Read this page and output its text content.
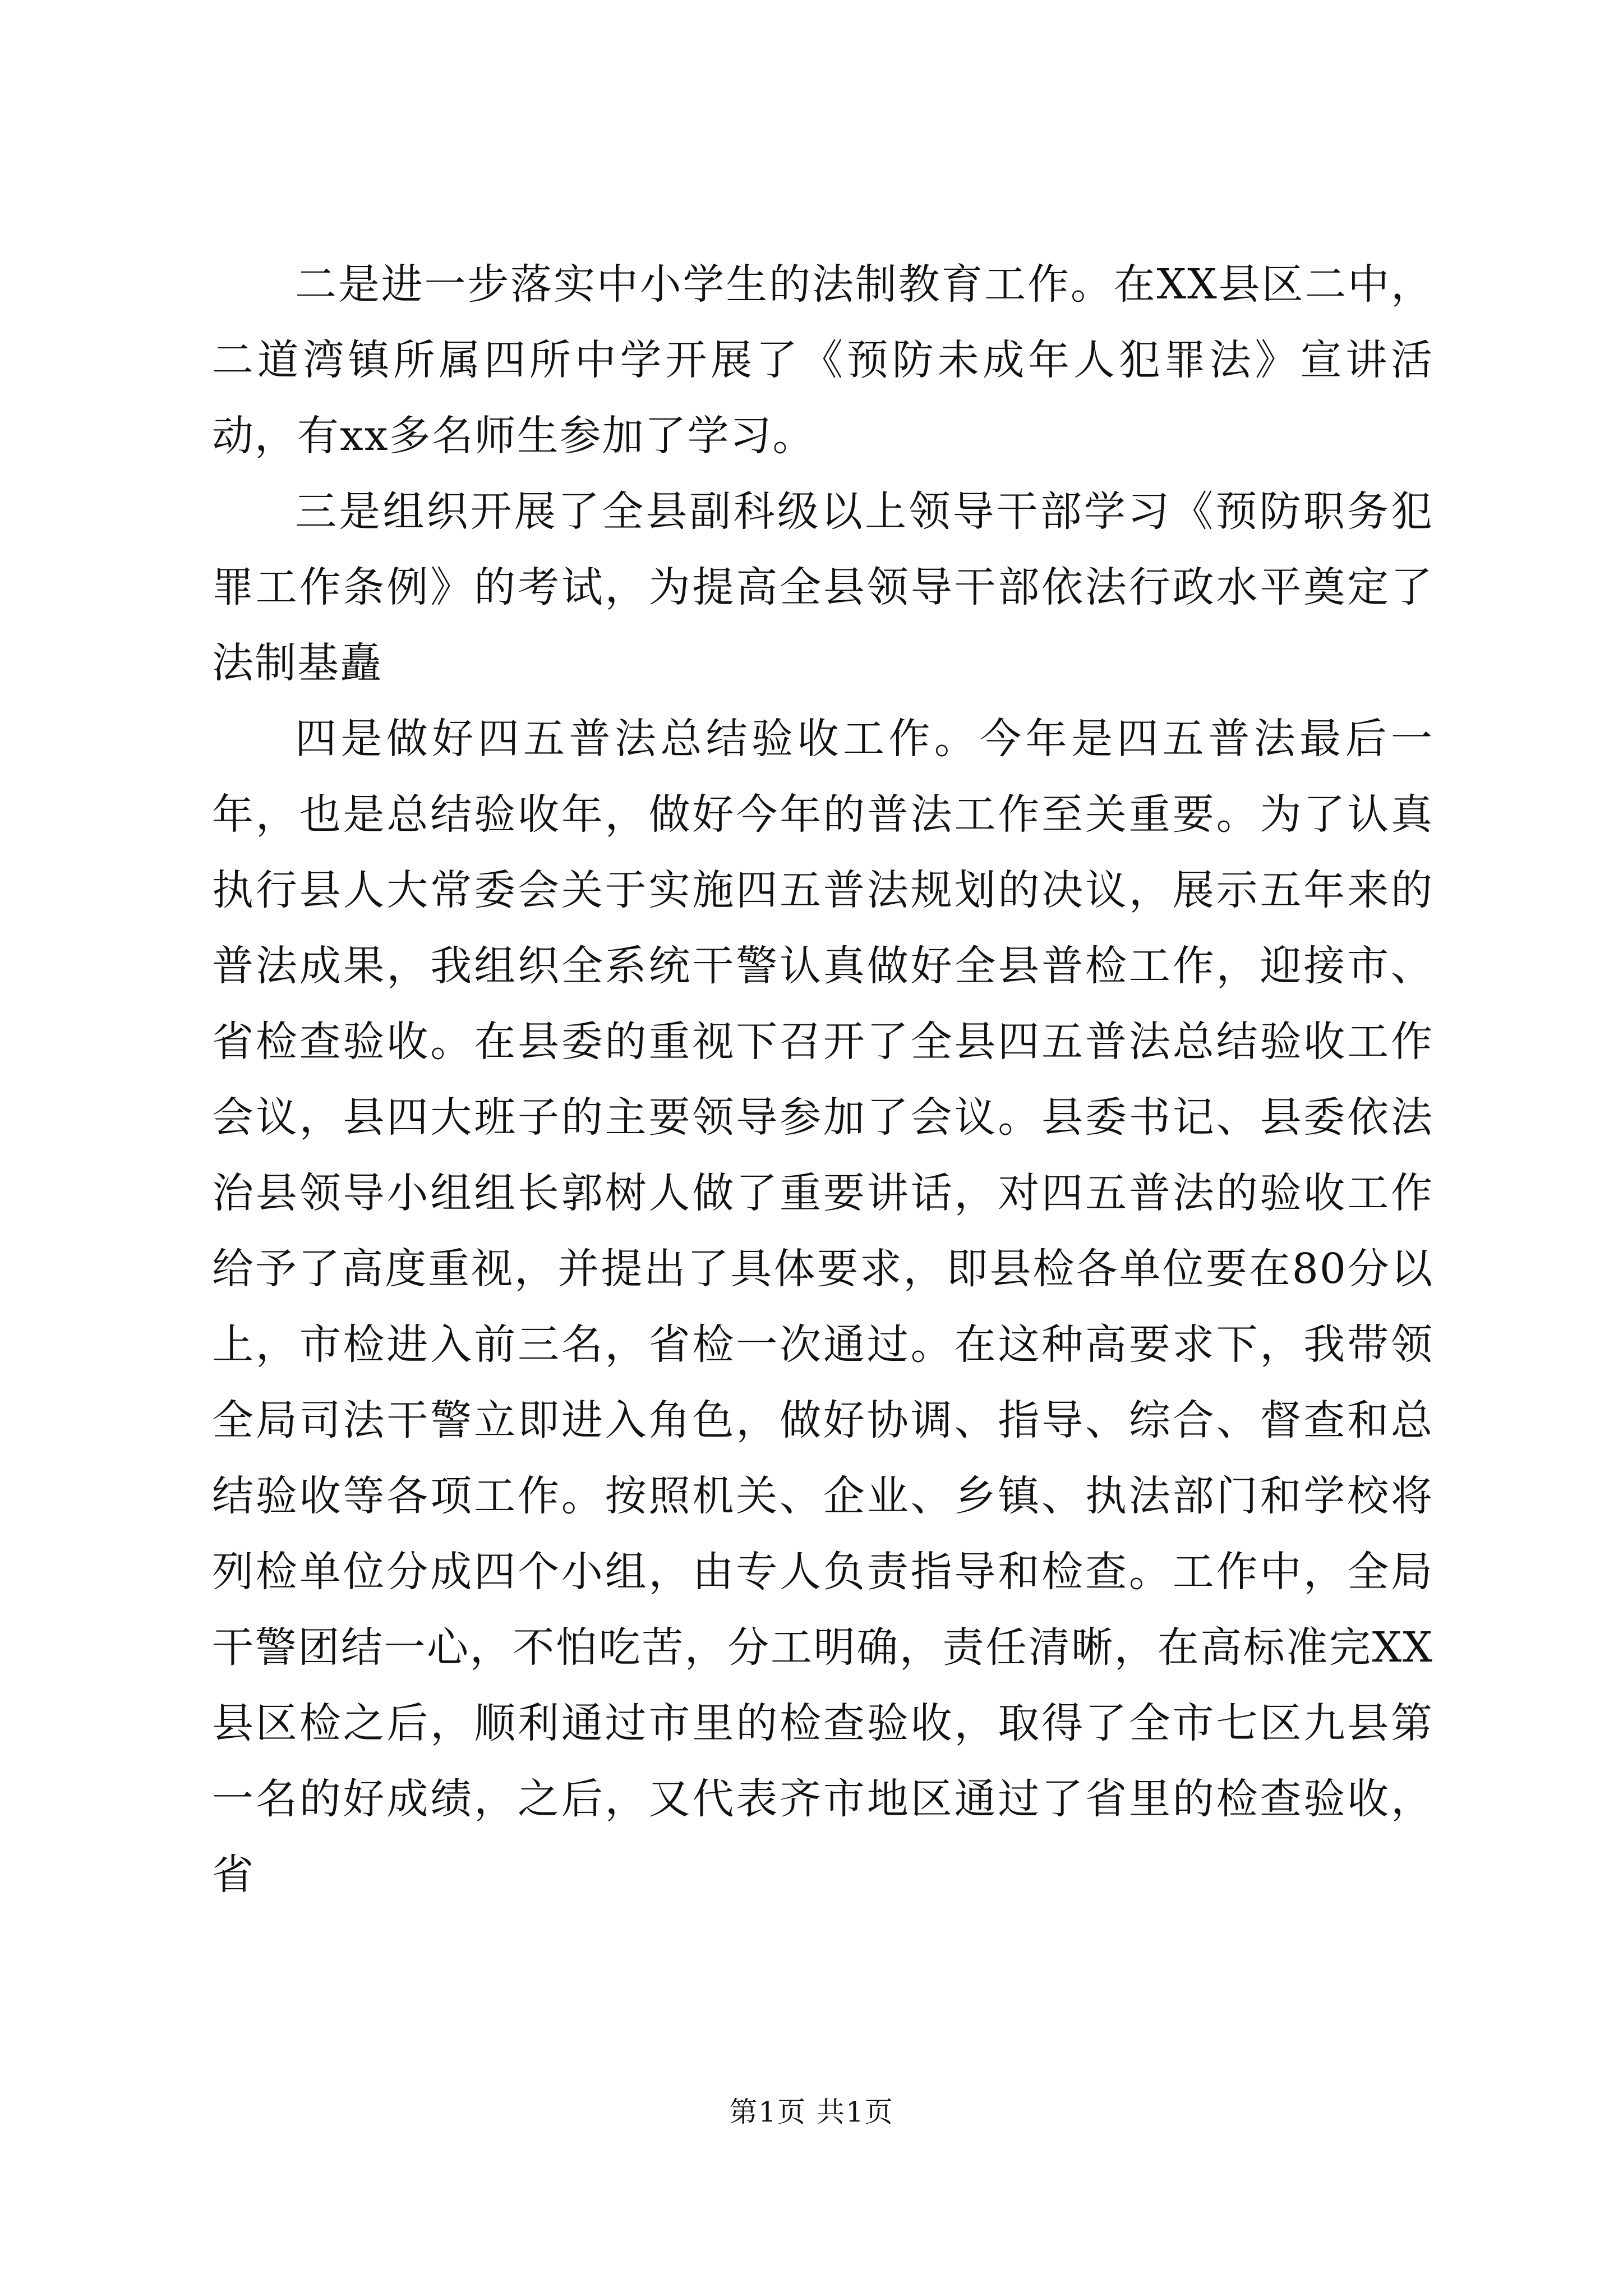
二是进一步落实中小学生的法制教育工作。在XX县区二中，二道湾镇所属四所中学开展了《预防未成年人犯罪法》宣讲活动，有xx多名师生参加了学习。

三是组织开展了全县副科级以上领导干部学习《预防职务犯罪工作条例》的考试，为提高全县领导干部依法行政水平奠定了法制基矗

四是做好四五普法总结验收工作。今年是四五普法最后一年，也是总结验收年，做好今年的普法工作至关重要。为了认真执行县人大常委会关于实施四五普法规划的决议，展示五年来的普法成果，我组织全系统干警认真做好全县普检工作，迎接市、省检查验收。在县委的重视下召开了全县四五普法总结验收工作会议，县四大班子的主要领导参加了会议。县委书记、县委依法治县领导小组组长郭树人做了重要讲话，对四五普法的验收工作给予了高度重视，并提出了具体要求，即县检各单位要在80分以上，市检进入前三名，省检一次通过。在这种高要求下，我带领全局司法干警立即进入角色，做好协调、指导、综合、督查和总结验收等各项工作。按照机关、企业、乡镇、执法部门和学校将列检单位分成四个小组，由专人负责指导和检查。工作中，全局干警团结一心，不怕吃苦，分工明确，责任清晰，在高标准完XX县区检之后，顺利通过市里的检查验收，取得了全市七区九县第一名的好成绩，之后，又代表齐市地区通过了省里的检查验收，省

第1页 共1页
